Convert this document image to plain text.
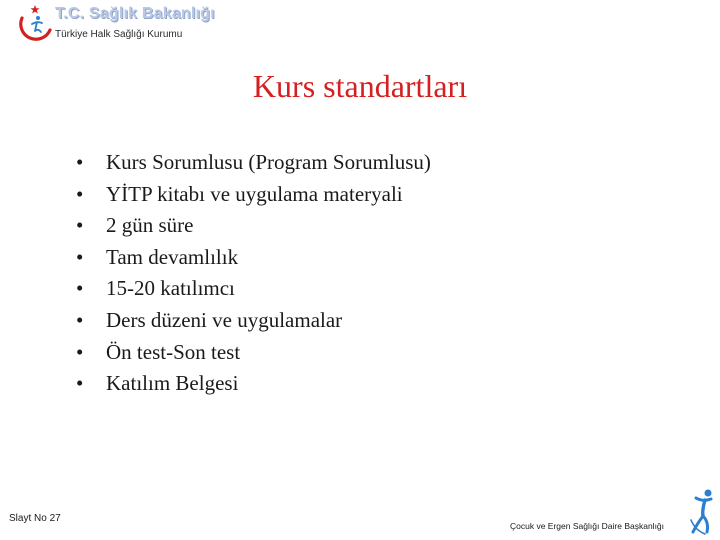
T.C. Sağlık Bakanlığı
Türkiye Halk Sağlığı Kurumu
Kurs standartları
•	Kurs Sorumlusu (Program Sorumlusu)
•	YİTP kitabı ve uygulama materyali
•	2 gün süre
•	Tam devamlılık
•	15-20 katılımcı
•	Ders düzeni ve uygulamalar
•	Ön test-Son test
•	Katılım Belgesi
Slayt No 27
Çocuk ve Ergen Sağlığı Daire Başkanlığı
